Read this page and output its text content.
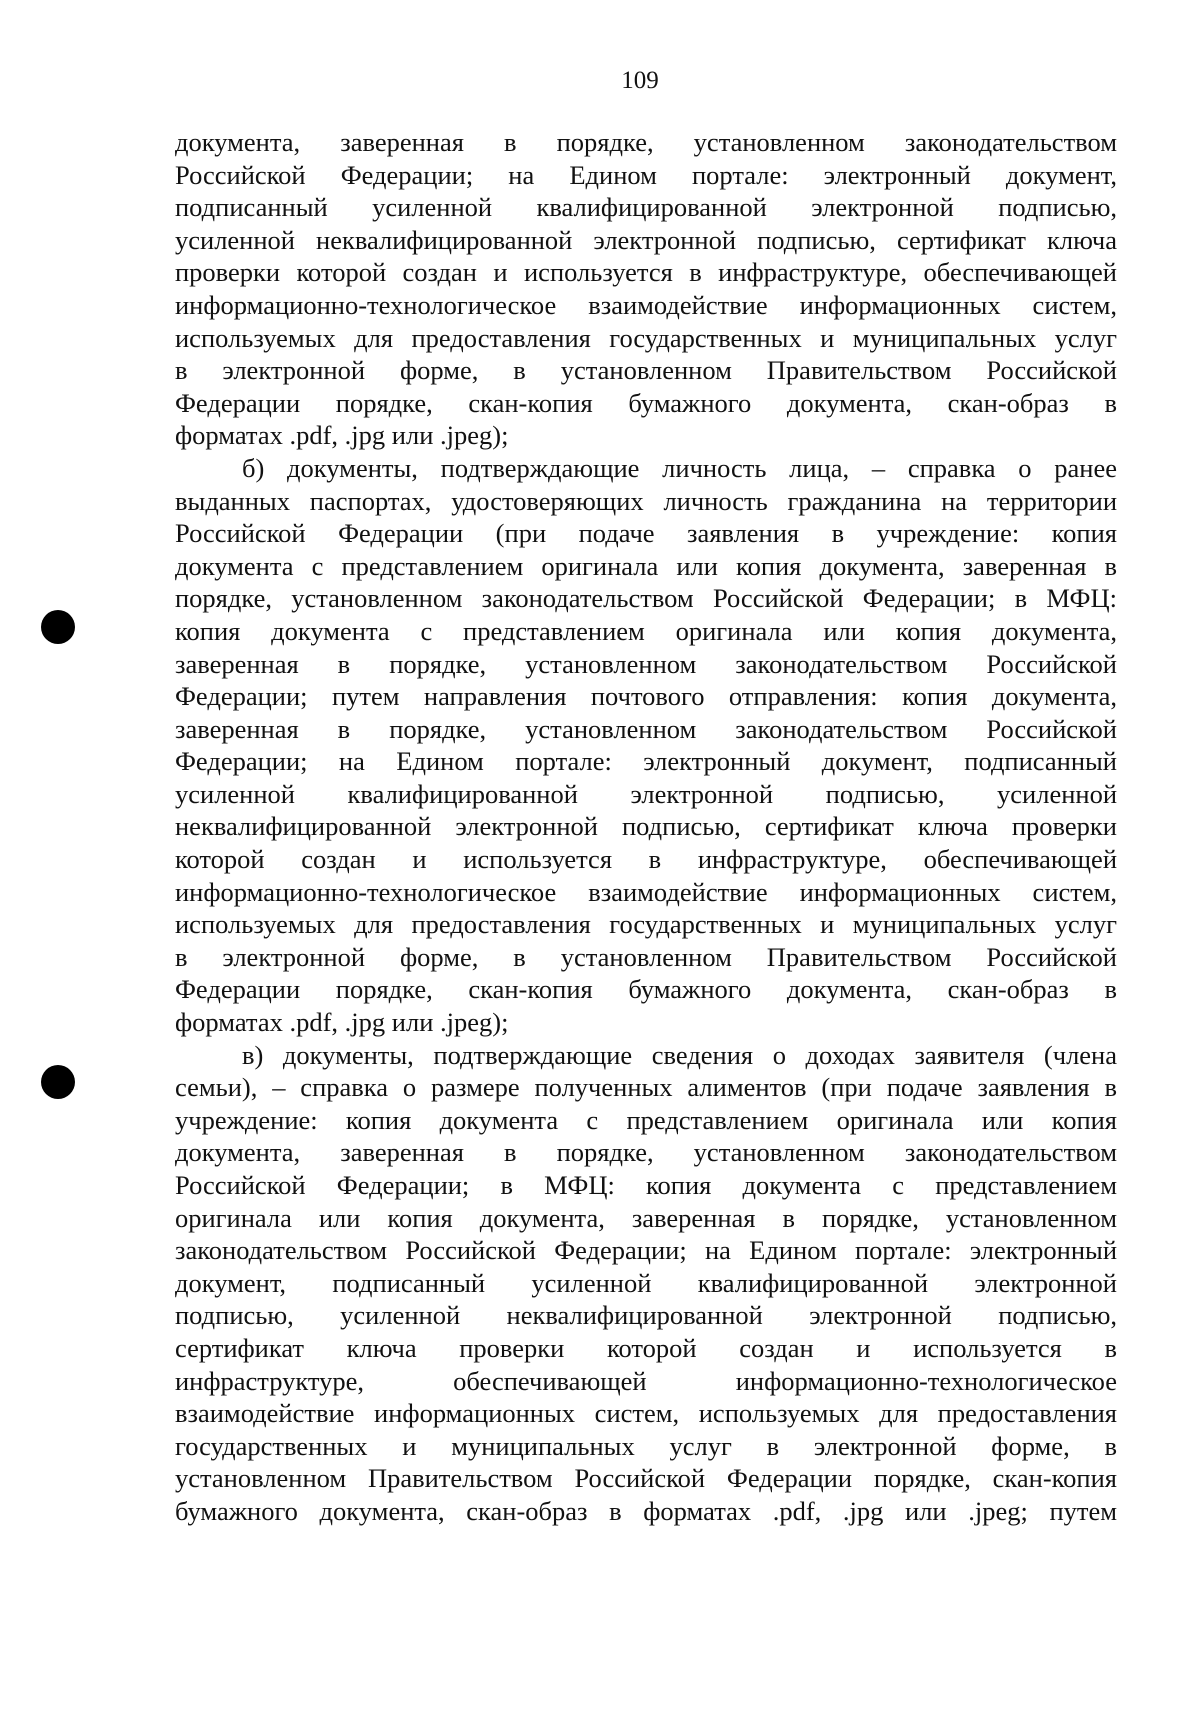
109
документа, заверенная в порядке, установленном законодательством
Российской Федерации; на Едином портале: электронный документ,
подписанный усиленной квалифицированной электронной подписью,
усиленной неквалифицированной электронной подписью, сертификат ключа
проверки которой создан и используется в инфраструктуре, обеспечивающей
информационно-технологическое взаимодействие информационных систем,
используемых для предоставления государственных и муниципальных услуг
в электронной форме, в установленном Правительством Российской
Федерации порядке, скан-копия бумажного документа, скан-образ в
форматах .pdf, .jpg или .jpeg);
б) документы, подтверждающие личность лица, – справка о ранее
выданных паспортах, удостоверяющих личность гражданина на территории
Российской Федерации (при подаче заявления в учреждение: копия
документа с представлением оригинала или копия документа, заверенная в
порядке, установленном законодательством Российской Федерации; в МФЦ:
копия документа с представлением оригинала или копия документа,
заверенная в порядке, установленном законодательством Российской
Федерации; путем направления почтового отправления: копия документа,
заверенная в порядке, установленном законодательством Российской
Федерации; на Едином портале: электронный документ, подписанный
усиленной квалифицированной электронной подписью, усиленной
неквалифицированной электронной подписью, сертификат ключа проверки
которой создан и используется в инфраструктуре, обеспечивающей
информационно-технологическое взаимодействие информационных систем,
используемых для предоставления государственных и муниципальных услуг
в электронной форме, в установленном Правительством Российской
Федерации порядке, скан-копия бумажного документа, скан-образ в
форматах .pdf, .jpg или .jpeg);
в) документы, подтверждающие сведения о доходах заявителя (члена
семьи), – справка о размере полученных алиментов (при подаче заявления в
учреждение: копия документа с представлением оригинала или копия
документа, заверенная в порядке, установленном законодательством
Российской Федерации; в МФЦ: копия документа с представлением
оригинала или копия документа, заверенная в порядке, установленном
законодательством Российской Федерации; на Едином портале: электронный
документ, подписанный усиленной квалифицированной электронной
подписью, усиленной неквалифицированной электронной подписью,
сертификат ключа проверки которой создан и используется в
инфраструктуре, обеспечивающей информационно-технологическое
взаимодействие информационных систем, используемых для предоставления
государственных и муниципальных услуг в электронной форме, в
установленном Правительством Российской Федерации порядке, скан-копия
бумажного документа, скан-образ в форматах .pdf, .jpg или .jpeg; путем
